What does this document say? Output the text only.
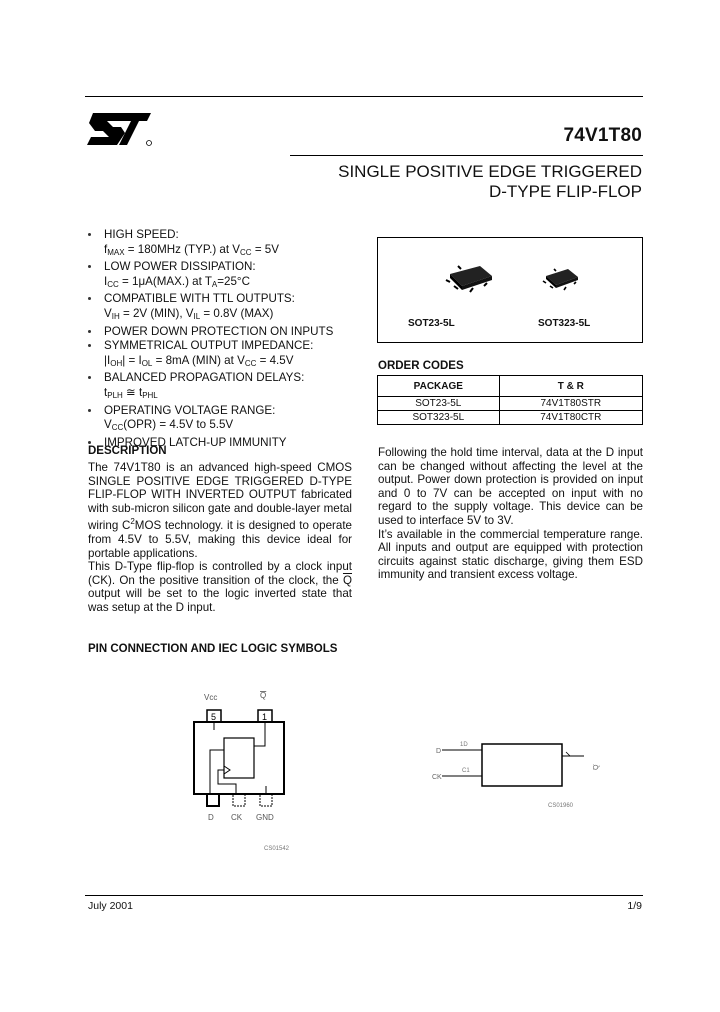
74V1T80
SINGLE POSITIVE EDGE TRIGGERED
D-TYPE FLIP-FLOP
HIGH SPEED:
$f_{MAX} = 180MHz$ (TYP.) at $V_{CC} = 5V$
LOW POWER DISSIPATION:
$I_{CC} = 1\mu A(MAX.)$ at $T_A=25^\circ C$
COMPATIBLE WITH TTL OUTPUTS:
$V_{IH} = 2V$ (MIN), $V_{IL} = 0.8V$ (MAX)
POWER DOWN PROTECTION ON INPUTS
SYMMETRICAL OUTPUT IMPEDANCE:
$|I_{OH}| = I_{OL} = 8mA$ (MIN) at $V_{CC} = 4.5V$
BALANCED PROPAGATION DELAYS:
$t_{PLH}$ ≅ $t_{PHL}$
OPERATING VOLTAGE RANGE:
$V_{CC}(OPR) = 4.5V$ to 5.5V
IMPROVED LATCH-UP IMMUNITY
SOT23-5L	SOT323-5L
ORDER CODES
PACKAGE	T & R
SOT23-5L	74V1T80STR
SOT323-5L	74V1T80CTR
DESCRIPTION
The 74V1T80 is an advanced high-speed CMOS SINGLE POSITIVE EDGE TRIGGERED D-TYPE FLIP-FLOP WITH INVERTED OUTPUT fabricated with sub-micron silicon gate and double-layer metal wiring $C^2MOS$ technology. it is designed to operate from 4.5V to 5.5V, making this device ideal for portable applications.
This D-Type flip-flop is controlled by a clock input (CK). On the positive transition of the clock, the $\overline{Q}$ output will be set to the logic inverted state that was setup at the D input.
Following the hold time interval, data at the D input can be changed without affecting the level at the output. Power down protection is provided on input and 0 to 7V can be accepted on input with no regard to the supply voltage. This device can be used to interface 5V to 3V.
It’s available in the commercial temperature range. All inputs and output are equipped with protection circuits against static discharge, giving them ESD immunity and transient excess voltage.
PIN CONNECTION AND IEC LOGIC SYMBOLS
Vcc	Q
5	1
D CK GND
CS01542
D
CK
1D
C1
Q
CS01960
July 2001	1/9
